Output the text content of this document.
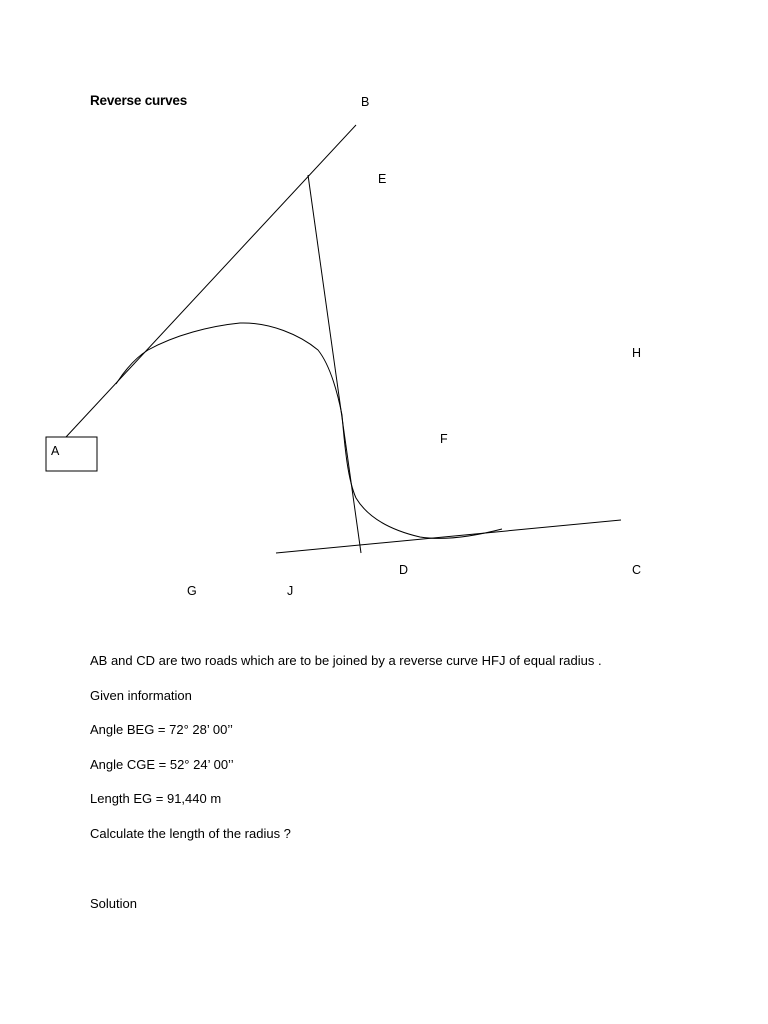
Reverse curves
A
B
E
H
F
D	C
G	J
AB and CD are two roads which are to be joined by a reverse curve HFJ of equal radius .
Given information
Angle BEG = 72° 28’ 00’’
Angle CGE = 52° 24’ 00’’
Length EG = 91,440 m
Calculate the length of the radius ?
Solution
